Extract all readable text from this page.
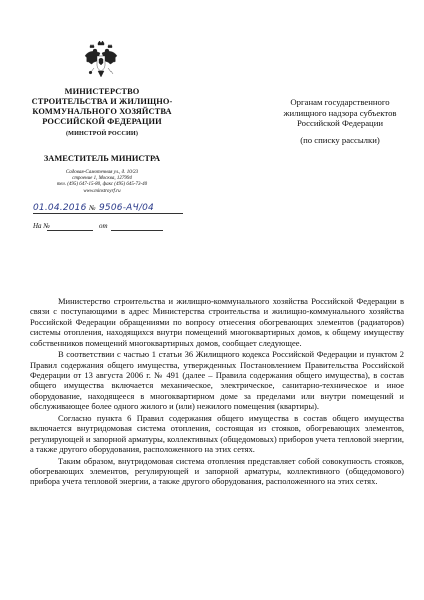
МИНИСТЕРСТВО
СТРОИТЕЛЬСТВА И ЖИЛИЩНО-
КОММУНАЛЬНОГО ХОЗЯЙСТВА
РОССИЙСКОЙ ФЕДЕРАЦИИ
(МИНСТРОЙ РОССИИ)
ЗАМЕСТИТЕЛЬ МИНИСТРА
Садовая-Самотечная ул., д. 10/23
строение 1, Москва, 127994
тел. (495) 647-15-80, факс (495) 645-73-40
www.minstroyrf.ru
01.04.2016 № 9506-АЧ/04
На №	от
Органам государственного
жилищного надзора субъектов
Российской Федерации
(по списку рассылки)

Министерство строительства и жилищно-коммунального хозяйства Российской Федерации в связи с поступающими в адрес Министерства строительства и жилищно-коммунального хозяйства Российской Федерации обращениями по вопросу отнесения обогревающих элементов (радиаторов) системы отопления, находящихся внутри помещений многоквартирных домов, к общему имуществу собственников помещений многоквартирных домов, сообщает следующее.

В соответствии с частью 1 статьи 36 Жилищного кодекса Российской Федерации и пунктом 2 Правил содержания общего имущества, утвержденных Постановлением Правительства Российской Федерации от 13 августа 2006 г. № 491 (далее – Правила содержания общего имущества), в состав общего имущества включается механическое, электрическое, санитарно-техническое и иное оборудование, находящееся в многоквартирном доме за пределами или внутри помещений и обслуживающее более одного жилого и (или) нежилого помещения (квартиры).

Согласно пункта 6 Правил содержания общего имущества в состав общего имущества включается внутридомовая система отопления, состоящая из стояков, обогревающих элементов, регулирующей и запорной арматуры, коллективных (общедомовых) приборов учета тепловой энергии, а также другого оборудования, расположенного на этих сетях.

Таким образом, внутридомовая система отопления представляет собой совокупность стояков, обогревающих элементов, регулирующей и запорной арматуры, коллективного (общедомового) прибора учета тепловой энергии, а также другого оборудования, расположенного на этих сетях.
